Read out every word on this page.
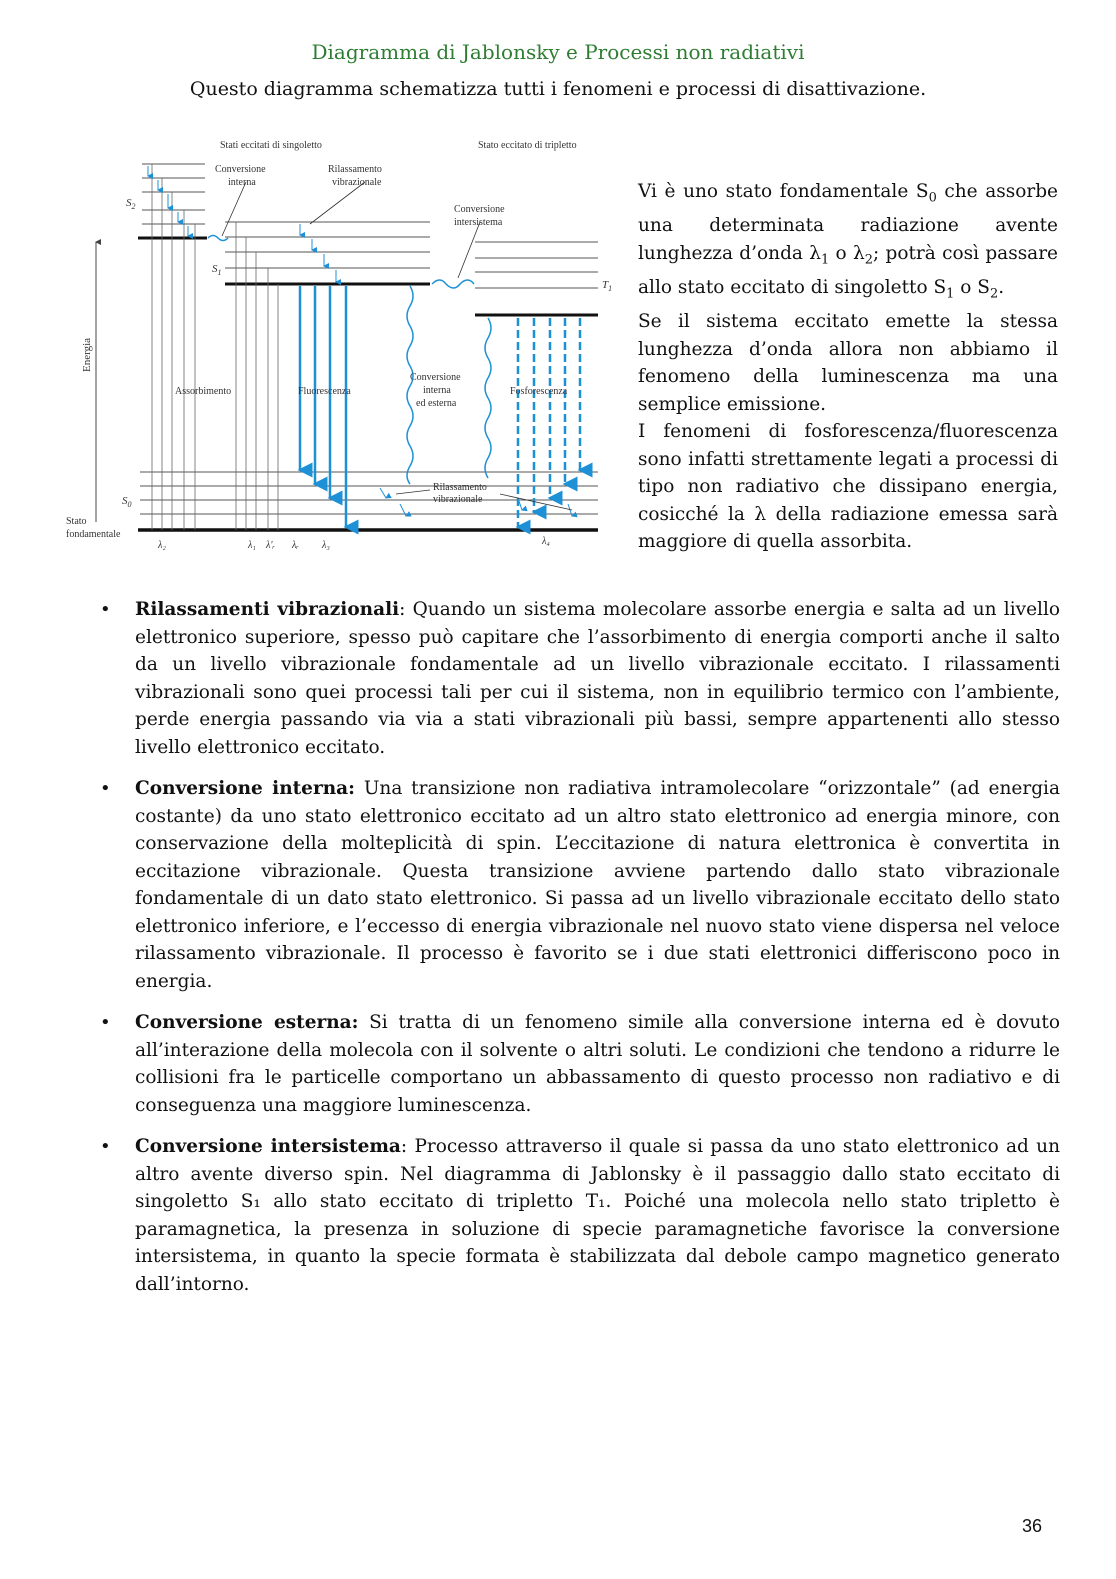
Diagramma di Jablonsky e Processi non radiativi
Questo diagramma schematizza tutti i fenomeni e processi di disattivazione.
Stati eccitati di singoletto	Stato eccitato di tripletto
$S_2$
$S_1$
$T_1$
$S_0$
Energia
Conversione interna
Rilassamento vibrazionale
Conversione intersistema
Assorbimento	Fluorescenza
Conversione interna ed esterna
Fosforescenza
Rilassamento vibrazionale
Stato fondamentale
λ₂	λ₁ λ'ᵣ λᵣ λ₃	λ₄

Vi è uno stato fondamentale $S_0$ che assorbe una determinata radiazione avente lunghezza d’onda $\lambda_1$ o $\lambda_2$; potrà così passare allo stato eccitato di singoletto $S_1$ o $S_2$.

Se il sistema eccitato emette la stessa lunghezza d’onda allora non abbiamo il fenomeno della luminescenza ma una semplice emissione.

I fenomeni di fosforescenza/fluorescenza sono infatti strettamente legati a processi di tipo non radiativo che dissipano energia, cosicché la λ della radiazione emessa sarà maggiore di quella assorbita.

• Rilassamenti vibrazionali: Quando un sistema molecolare assorbe energia e salta ad un livello elettronico superiore, spesso può capitare che l’assorbimento di energia comporti anche il salto da un livello vibrazionale fondamentale ad un livello vibrazionale eccitato. I rilassamenti vibrazionali sono quei processi tali per cui il sistema, non in equilibrio termico con l’ambiente, perde energia passando via via a stati vibrazionali più bassi, sempre appartenenti allo stesso livello elettronico eccitato.
• Conversione interna: Una transizione non radiativa intramolecolare “orizzontale” (ad energia costante) da uno stato elettronico eccitato ad un altro stato elettronico ad energia minore, con conservazione della molteplicità di spin. L’eccitazione di natura elettronica è convertita in eccitazione vibrazionale. Questa transizione avviene partendo dallo stato vibrazionale fondamentale di un dato stato elettronico. Si passa ad un livello vibrazionale eccitato dello stato elettronico inferiore, e l’eccesso di energia vibrazionale nel nuovo stato viene dispersa nel veloce rilassamento vibrazionale. Il processo è favorito se i due stati elettronici differiscono poco in energia.
• Conversione esterna: Si tratta di un fenomeno simile alla conversione interna ed è dovuto all’interazione della molecola con il solvente o altri soluti. Le condizioni che tendono a ridurre le collisioni fra le particelle comportano un abbassamento di questo processo non radiativo e di conseguenza una maggiore luminescenza.
• Conversione intersistema: Processo attraverso il quale si passa da uno stato elettronico ad un altro avente diverso spin. Nel diagramma di Jablonsky è il passaggio dallo stato eccitato di singoletto S₁ allo stato eccitato di tripletto T₁. Poiché una molecola nello stato tripletto è paramagnetica, la presenza in soluzione di specie paramagnetiche favorisce la conversione intersistema, in quanto la specie formata è stabilizzata dal debole campo magnetico generato dall’intorno.
36
